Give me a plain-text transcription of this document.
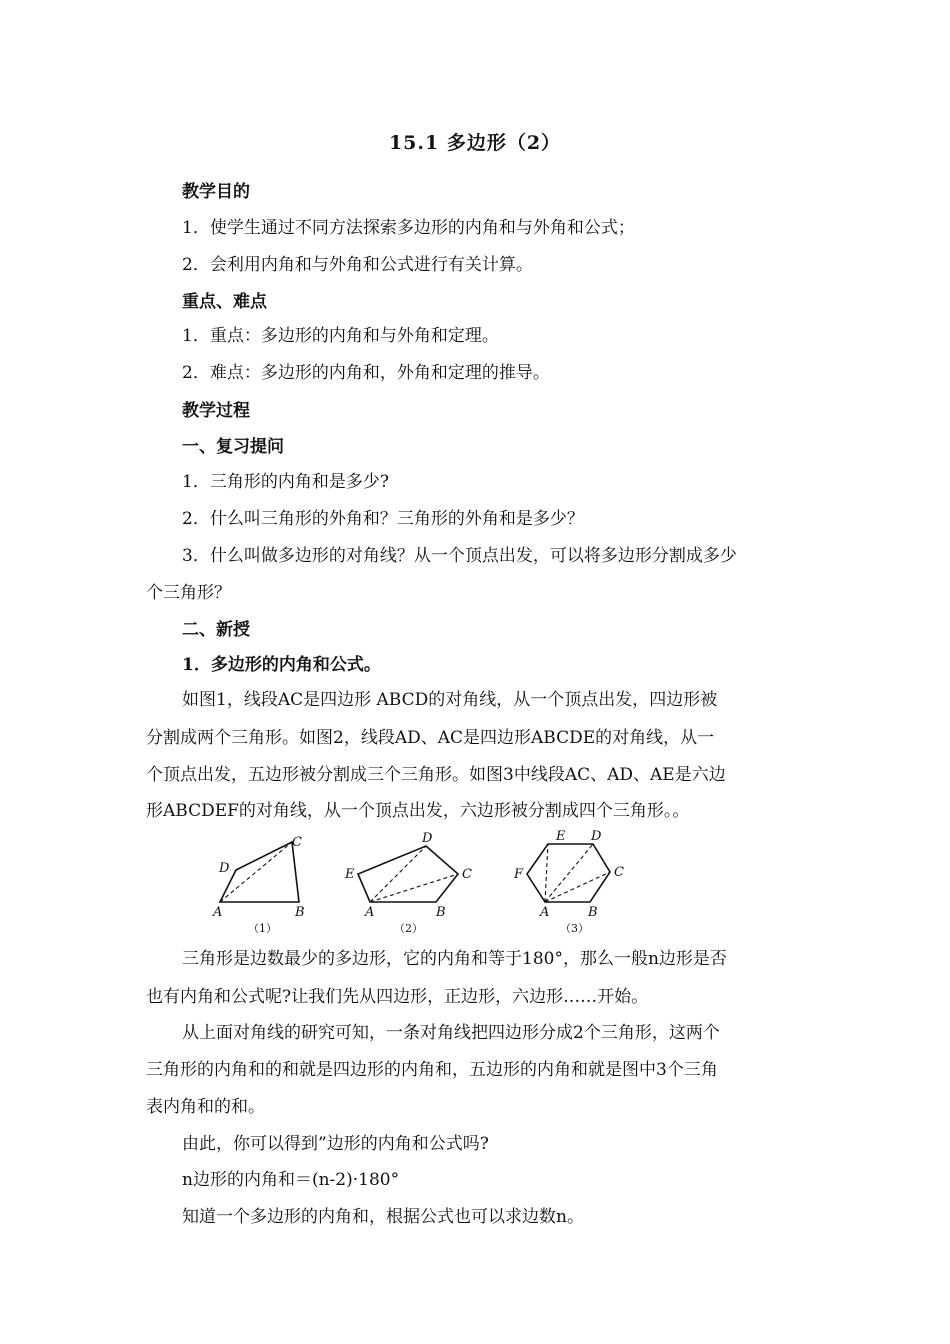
15.1 多边形（2）
教学目的
1．使学生通过不同方法探索多边形的内角和与外角和公式；
2．会利用内角和与外角和公式进行有关计算。
重点、难点
1．重点：多边形的内角和与外角和定理。
2．难点：多边形的内角和，外角和定理的推导。
教学过程
一、复习提问
1．三角形的内角和是多少?
2．什么叫三角形的外角和？三角形的外角和是多少？
3．什么叫做多边形的对角线？从一个顶点出发，可以将多边形分割成多少
个三角形？
二、新授
1．多边形的内角和公式。
如图1，线段AC是四边形 ABCD的对角线，从一个顶点出发，四边形被
分割成两个三角形。如图2，线段AD、AC是四边形ABCDE的对角线，从一
个顶点出发，五边形被分割成三个三角形。如图3中线段AC、AD、AE是六边
形ABCDEF的对角线，从一个顶点出发，六边形被分割成四个三角形。。
A	B
C
D
（1）
A	B
C
D
E
（2）
A	B
C
D
E
F
（3）
三角形是边数最少的多边形，它的内角和等于180°，那么一般n边形是否
也有内角和公式呢?让我们先从四边形，正边形，六边形……开始。
从上面对角线的研究可知，一条对角线把四边形分成2个三角形，这两个
三角形的内角和的和就是四边形的内角和，五边形的内角和就是图中3个三角
表内角和的和。
由此，你可以得到”边形的内角和公式吗?
n边形的内角和＝(n-2)·180°
知道一个多边形的内角和，根据公式也可以求边数n。
